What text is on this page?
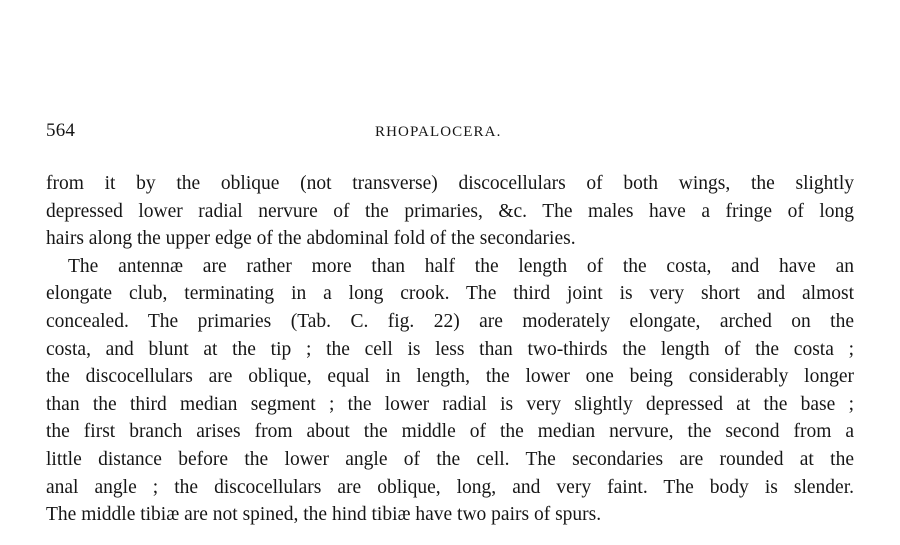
564	RHOPALOCERA.
from it by the oblique (not transverse) discocellulars of both wings, the slightly
depressed lower radial nervure of the primaries, &c. The males have a fringe of long
hairs along the upper edge of the abdominal fold of the secondaries.
The antennæ are rather more than half the length of the costa, and have an
elongate club, terminating in a long crook. The third joint is very short and almost
concealed. The primaries (Tab. C. fig. 22) are moderately elongate, arched on the
costa, and blunt at the tip ; the cell is less than two-thirds the length of the costa ;
the discocellulars are oblique, equal in length, the lower one being considerably longer
than the third median segment ; the lower radial is very slightly depressed at the base ;
the first branch arises from about the middle of the median nervure, the second from a
little distance before the lower angle of the cell. The secondaries are rounded at the
anal angle ; the discocellulars are oblique, long, and very faint. The body is slender.
The middle tibiæ are not spined, the hind tibiæ have two pairs of spurs.
